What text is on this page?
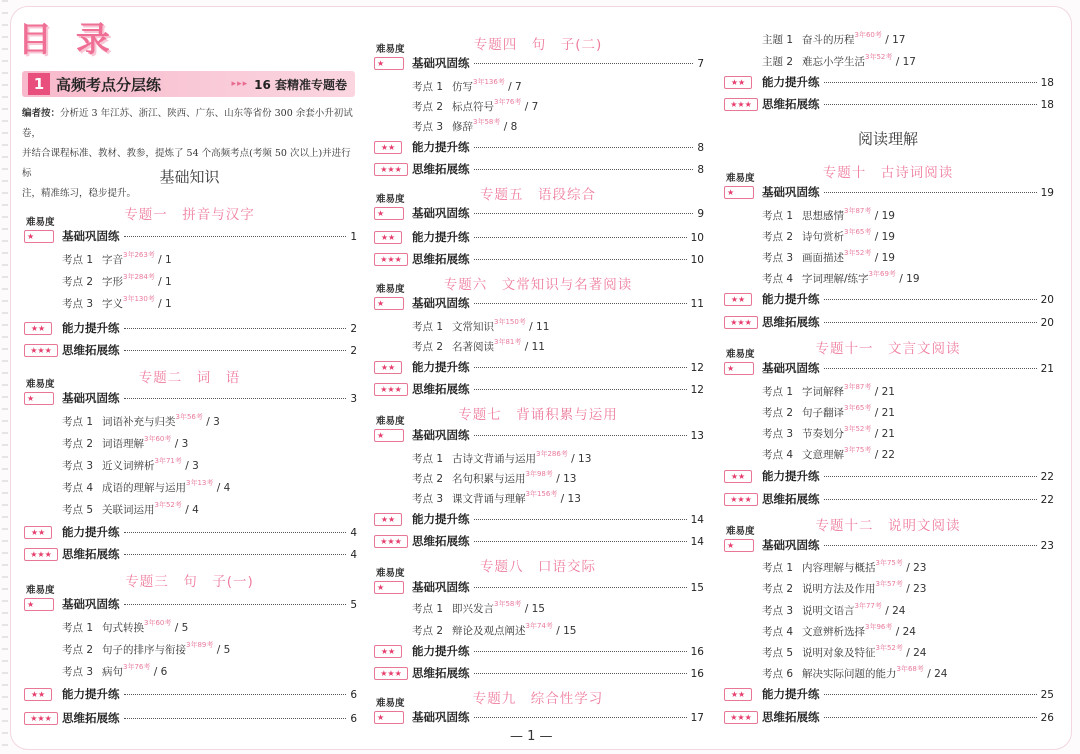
目 录
1 高频考点分层练	▸▸▸ 16 套精准专题卷
编者按：分析近 3 年江苏、浙江、陕西、广东、山东等省份 300 余套小升初试卷，
并结合课程标准、教材、教参，提炼了 54 个高频考点(考频 50 次以上)并进行标
注，精准练习，稳步提升。
— 1 —
基础知识
专题一　拼音与汉字
难易度
★	基础巩固练	1
考点 1 字音$^{3年263考}$ / 1
考点 2 字形$^{3年284考}$ / 1
考点 3 字义$^{3年130考}$ / 1
★★	能力提升练	2
★★★ 思维拓展练	2
专题二　词　语
难易度
★	基础巩固练	3
考点 1 词语补充与归类$^{3年56考}$ / 3
考点 2 词语理解$^{3年60考}$ / 3
考点 3 近义词辨析$^{3年71考}$ / 3
考点 4 成语的理解与运用$^{3年13考}$ / 4
考点 5 关联词运用$^{3年52考}$ / 4
★★	能力提升练	4
★★★ 思维拓展练	4
专题三　句　子(一)
难易度
★	基础巩固练	5
考点 1 句式转换$^{3年60考}$ / 5
考点 2 句子的排序与衔接$^{3年89考}$ / 5
考点 3 病句$^{3年76考}$ / 6
★★	能力提升练	6
★★★ 思维拓展练	6
专题四　句　子(二)
难易度
★	基础巩固练	7
考点 1 仿写$^{3年136考}$ / 7
考点 2 标点符号$^{3年76考}$ / 7
考点 3 修辞$^{3年58考}$ / 8
★★	能力提升练	8
★★★ 思维拓展练	8
专题五　语段综合
难易度
★	基础巩固练	9
★★	能力提升练	10
★★★ 思维拓展练	10
专题六　文常知识与名著阅读
难易度
★	基础巩固练	11
考点 1 文常知识$^{3年150考}$ / 11
考点 2 名著阅读$^{3年81考}$ / 11
★★	能力提升练	12
★★★ 思维拓展练	12
专题七　背诵积累与运用
难易度
★	基础巩固练	13
考点 1 古诗文背诵与运用$^{3年286考}$ / 13
考点 2 名句积累与运用$^{3年98考}$ / 13
考点 3 课文背诵与理解$^{3年156考}$ / 13
★★	能力提升练	14
★★★ 思维拓展练	14
专题八　口语交际
难易度
★	基础巩固练	15
考点 1 即兴发言$^{3年58考}$ / 15
考点 2 辩论及观点阐述$^{3年74考}$ / 15
★★	能力提升练	16
★★★ 思维拓展练	16
专题九　综合性学习
难易度
★	基础巩固练	17
主题 1 奋斗的历程$^{3年60考}$ / 17
主题 2 难忘小学生活$^{3年52考}$ / 17
★★	能力提升练	18
★★★ 思维拓展练	18
阅读理解
专题十　古诗词阅读
难易度
★	基础巩固练	19
考点 1 思想感情$^{3年87考}$ / 19
考点 2 诗句赏析$^{3年65考}$ / 19
考点 3 画面描述$^{3年52考}$ / 19
考点 4 字词理解/练字$^{3年69考}$ / 19
★★	能力提升练	20
★★★ 思维拓展练	20
专题十一　文言文阅读
难易度
★	基础巩固练	21
考点 1 字词解释$^{3年87考}$ / 21
考点 2 句子翻译$^{3年65考}$ / 21
考点 3 节奏划分$^{3年52考}$ / 21
考点 4 文意理解$^{3年75考}$ / 22
★★	能力提升练	22
★★★ 思维拓展练	22
专题十二　说明文阅读
难易度
★	基础巩固练	23
考点 1 内容理解与概括$^{3年75考}$ / 23
考点 2 说明方法及作用$^{3年57考}$ / 23
考点 3 说明文语言$^{3年77考}$ / 24
考点 4 文意辨析选择$^{3年96考}$ / 24
考点 5 说明对象及特征$^{3年52考}$ / 24
考点 6 解决实际问题的能力$^{3年68考}$ / 24
★★	能力提升练	25
★★★ 思维拓展练	26
